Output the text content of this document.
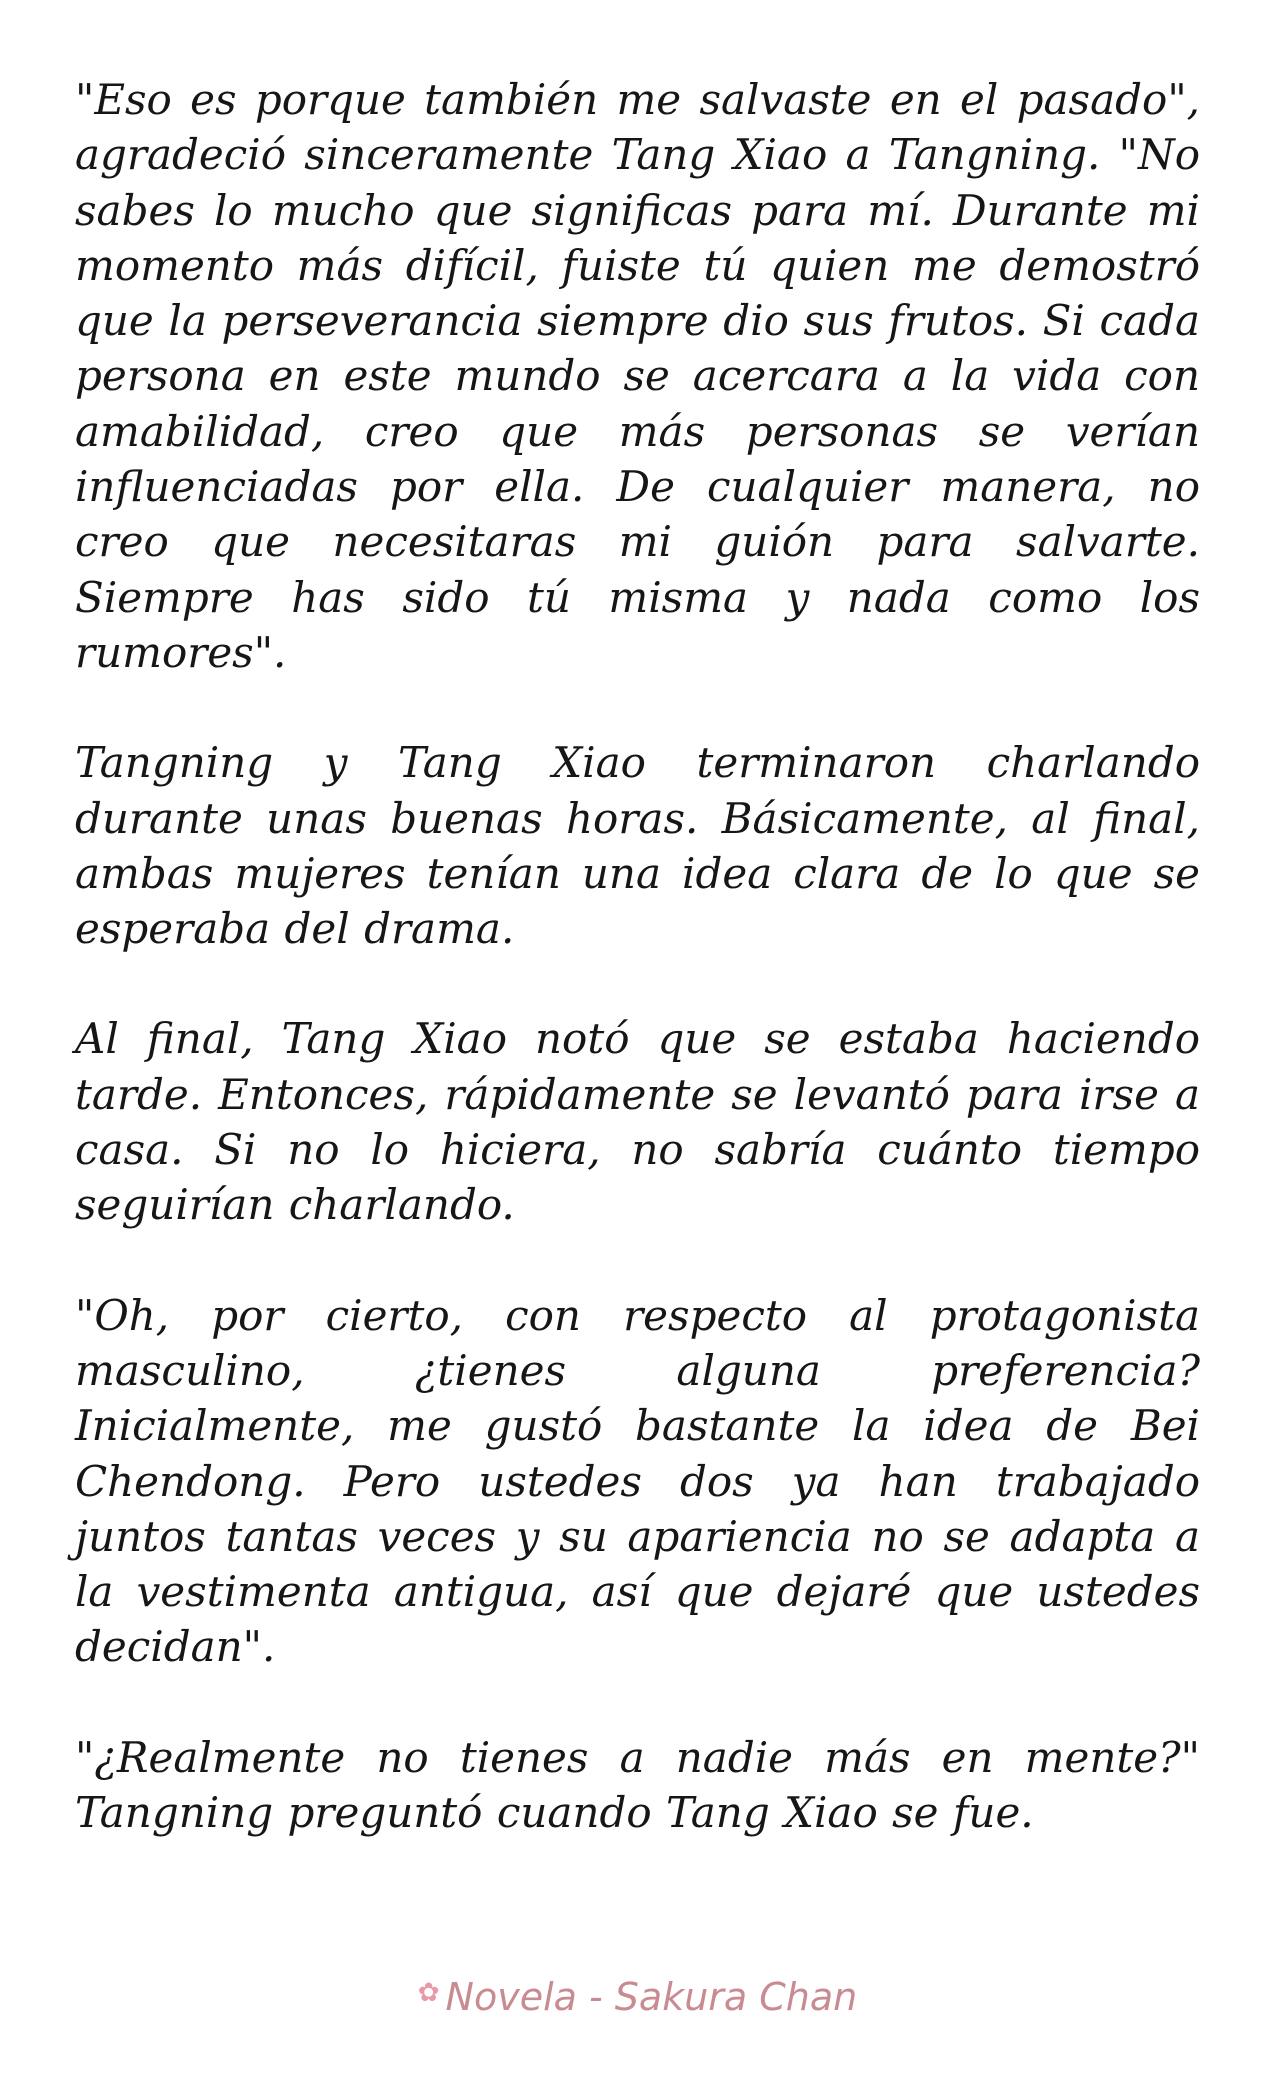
"Eso es porque también me salvaste en el pasado", agradeció sinceramente Tang Xiao a Tangning. "No sabes lo mucho que significas para mí. Durante mi momento más difícil, fuiste tú quien me demostró que la perseverancia siempre dio sus frutos. Si cada persona en este mundo se acercara a la vida con amabilidad, creo que más personas se verían influenciadas por ella. De cualquier manera, no creo que necesitaras mi guión para salvarte. Siempre has sido tú misma y nada como los rumores".

Tangning y Tang Xiao terminaron charlando durante unas buenas horas. Básicamente, al final, ambas mujeres tenían una idea clara de lo que se esperaba del drama.

Al final, Tang Xiao notó que se estaba haciendo tarde. Entonces, rápidamente se levantó para irse a casa. Si no lo hiciera, no sabría cuánto tiempo seguirían charlando.

"Oh, por cierto, con respecto al protagonista masculino, ¿tienes alguna preferencia? Inicialmente, me gustó bastante la idea de Bei Chendong. Pero ustedes dos ya han trabajado juntos tantas veces y su apariencia no se adapta a la vestimenta antigua, así que dejaré que ustedes decidan".

"¿Realmente no tienes a nadie más en mente?" Tangning preguntó cuando Tang Xiao se fue.

✿ Novela - Sakura Chan
